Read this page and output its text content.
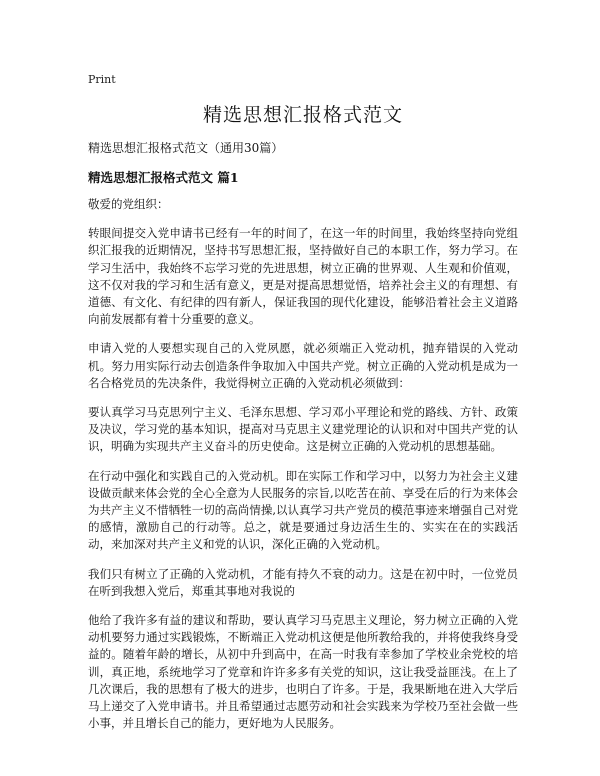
Print
精选思想汇报格式范文

精选思想汇报格式范文（通用30篇）

精选思想汇报格式范文 篇1

敬爱的党组织：

转眼间提交入党申请书已经有一年的时间了，在这一年的时间里，我始终坚持向党组织汇报我的近期情况，坚持书写思想汇报，坚持做好自己的本职工作，努力学习。在学习生活中，我始终不忘学习党的先进思想，树立正确的世界观、人生观和价值观，这不仅对我的学习和生活有意义，更是对提高思想觉悟，培养社会主义的有理想、有道德、有文化、有纪律的四有新人，保证我国的现代化建设，能够沿着社会主义道路向前发展都有着十分重要的意义。

申请入党的人要想实现自己的入党夙愿，就必须端正入党动机，抛弃错误的入党动机。努力用实际行动去创造条件争取加入中国共产党。树立正确的入党动机是成为一名合格党员的先决条件，我觉得树立正确的入党动机必须做到：

要认真学习马克思列宁主义、毛泽东思想、学习邓小平理论和党的路线、方针、政策及决议，学习党的基本知识，提高对马克思主义建党理论的认识和对中国共产党的认识，明确为实现共产主义奋斗的历史使命。这是树立正确的入党动机的思想基础。

在行动中强化和实践自己的入党动机。即在实际工作和学习中，以努力为社会主义建设做贡献来体会党的全心全意为人民服务的宗旨,以吃苦在前、享受在后的行为来体会为共产主义不惜牺牲一切的高尚情操,以认真学习共产党员的模范事迹来增强自己对党的感情，激励自己的行动等。总之，就是要通过身边活生生的、实实在在的实践活动，来加深对共产主义和党的认识，深化正确的入党动机。

我们只有树立了正确的入党动机，才能有持久不衰的动力。这是在初中时，一位党员在听到我想入党后，郑重其事地对我说的

他给了我许多有益的建议和帮助，要认真学习马克思主义理论，努力树立正确的入党动机要努力通过实践锻炼，不断端正入党动机这便是他所教给我的，并将使我终身受益的。随着年龄的增长，从初中升到高中，在高一时我有幸参加了学校业余党校的培训，真正地，系统地学习了党章和许许多多有关党的知识，这让我受益匪浅。在上了几次课后，我的思想有了极大的进步，也明白了许多。于是，我果断地在进入大学后马上递交了入党申请书。并且希望通过志愿劳动和社会实践来为学校乃至社会做一些小事，并且增长自己的能力，更好地为人民服务。
